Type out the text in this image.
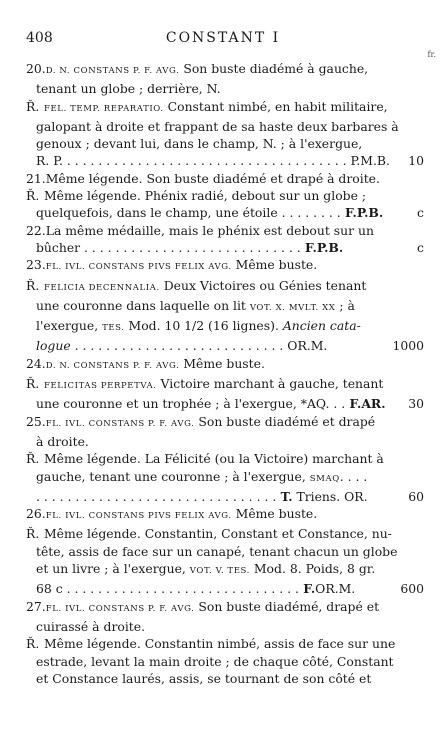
408	CONSTANT I
fr.
20.D. N. CONSTANS P. F. AVG. Son buste diadémé à gauche,
tenant un globe ; derrière, N.
Ř. FEL. TEMP. REPARATIO. Constant nimbé, en habit militaire,
galopant à droite et frappant de sa haste deux barbares à
genoux ; devant lui, dans le champ, N. ; à l'exergue,
R. P. . . . . . . . . . . . . . . . . . . . . . . . . . . . . . . . . . . . . P.M.B.	10
21.Même légende. Son buste diadémé et drapé à droite.
Ř. Même légende. Phénix radié, debout sur un globe ;
quelquefois, dans le champ, une étoile . . . . . . . . F.P.B.	c
22.La même médaille, mais le phénix est debout sur un
bûcher . . . . . . . . . . . . . . . . . . . . . . . . . . . . F.P.B.	c
23.FL. IVL. CONSTANS PIVS FELIX AVG. Même buste.
Ř. FELICIA DECENNALIA. Deux Victoires ou Génies tenant
une couronne dans laquelle on lit VOT. X. MVLT. XX ; à
l'exergue, TES. Mod. 10 1/2 (16 lignes). Ancien cata-
logue . . . . . . . . . . . . . . . . . . . . . . . . . . . OR.M.	1000
24.D. N. CONSTANS P. F. AVG. Même buste.
Ř. FELICITAS PERPETVA. Victoire marchant à gauche, tenant
une couronne et un trophée ; à l'exergue, *AQ. . . F.AR.	30
25.FL. IVL. CONSTANS P. F. AVG. Son buste diadémé et drapé
à droite.
Ř. Même légende. La Félicité (ou la Victoire) marchant à
gauche, tenant une couronne ; à l'exergue, SMAQ. . . .
. . . . . . . . . . . . . . . . . . . . . . . . . . . . . . . T. Triens. OR.	60
26.FL. IVL. CONSTANS PIVS FELIX AVG. Même buste.
Ř. Même légende. Constantin, Constant et Constance, nu-
tête, assis de face sur un canapé, tenant chacun un globe
et un livre ; à l'exergue, VOT. V. TES. Mod. 8. Poids, 8 gr.
68 c . . . . . . . . . . . . . . . . . . . . . . . . . . . . . . F.OR.M.	600
27.FL. IVL. CONSTANS P. F. AVG. Son buste diadémé, drapé et
cuirassé à droite.
Ř. Même légende. Constantin nimbé, assis de face sur une
estrade, levant la main droite ; de chaque côté, Constant
et Constance laurés, assis, se tournant de son côté et
